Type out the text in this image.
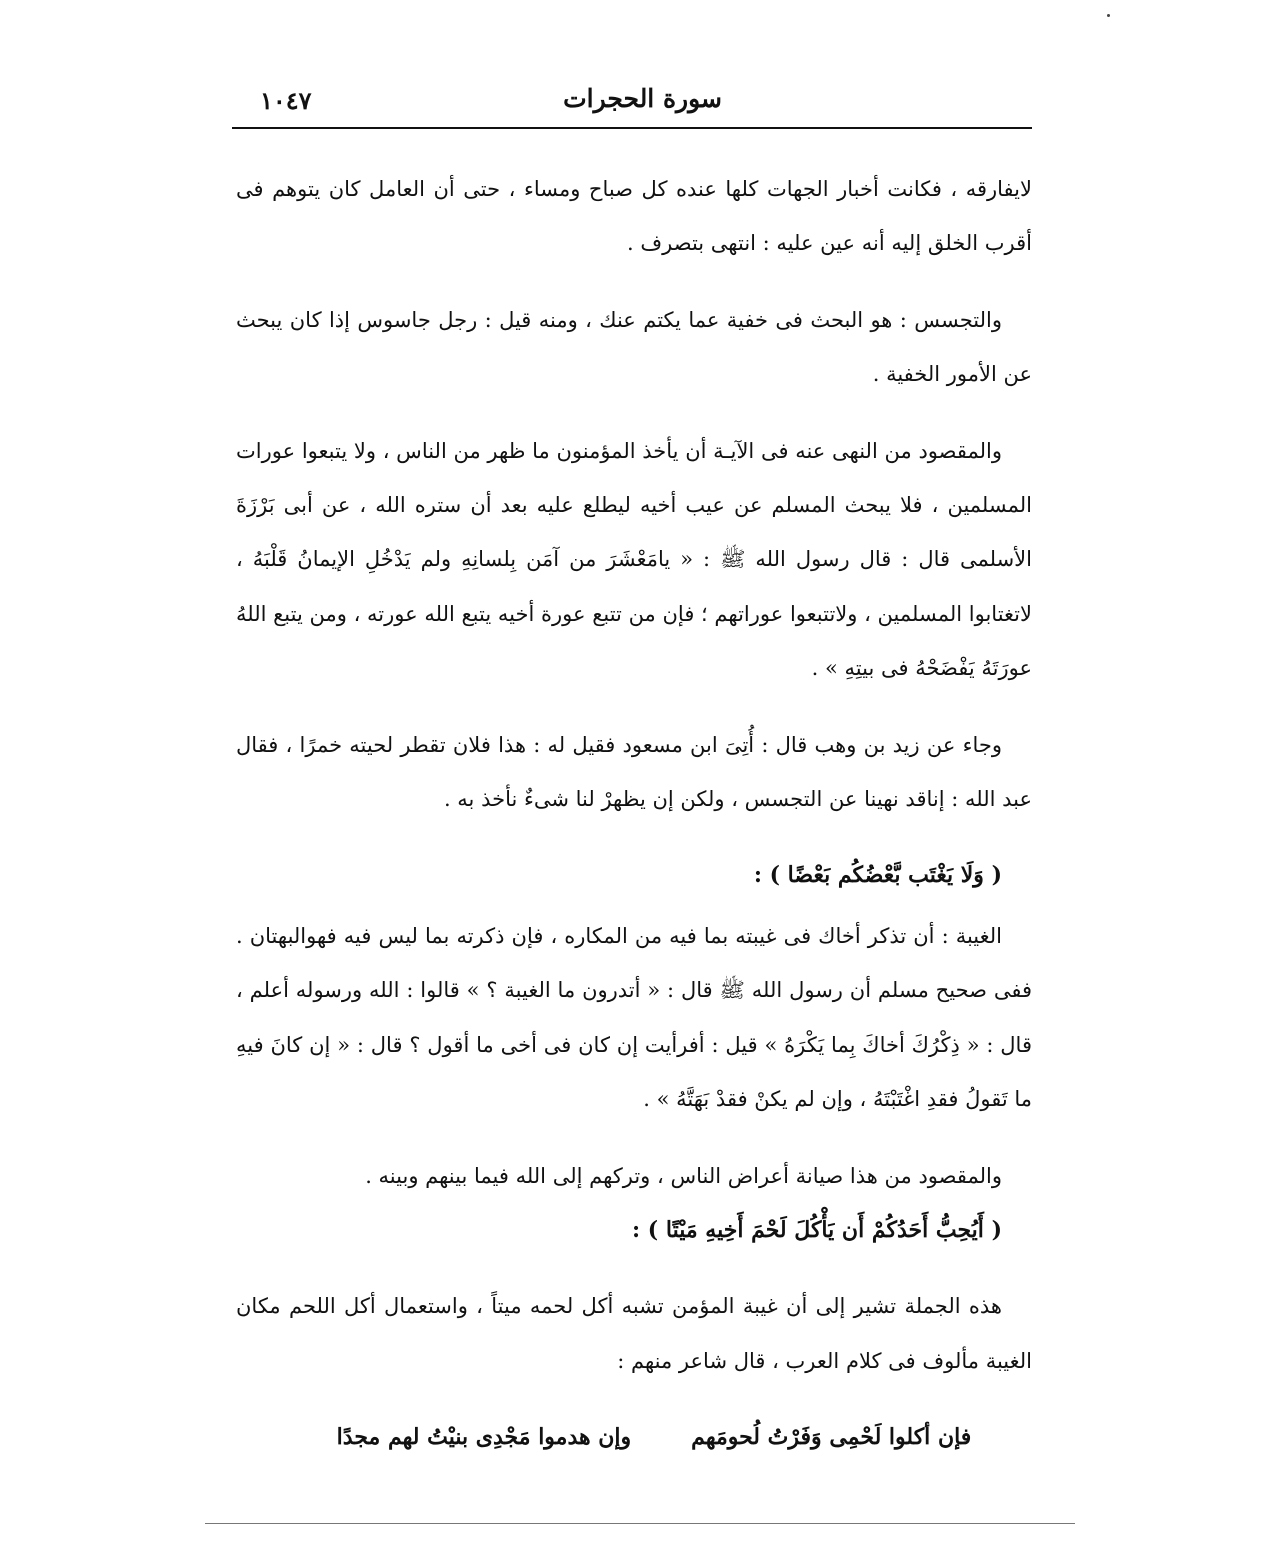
سورة الحجرات
١٠٤٧

لايفارقه ، فكانت أخبار الجهات كلها عنده كل صباح ومساء ، حتى أن العامل كان يتوهم فى أقرب الخلق إليه أنه عين عليه : انتهى بتصرف .

والتجسس : هو البحث فى خفية عما يكتم عنك ، ومنه قيل : رجل جاسوس إذا كان يبحث عن الأمور الخفية .

والمقصود من النهى عنه فى الآيـة أن يأخذ المؤمنون ما ظهر من الناس ، ولا يتبعوا عورات المسلمين ، فلا يبحث المسلم عن عيب أخيه ليطلع عليه بعد أن ستره الله ، عن أبى بَرْزَةَ الأسلمى قال : قال رسول الله ﷺ : « يامَعْشَرَ من آمَن بِلسانِهِ ولم يَدْخُلِ الإيمانُ قَلْبَهُ ، لاتغتابوا المسلمين ، ولاتتبعوا عوراتهم ؛ فإن من تتبع عورة أخيه يتبع الله عورته ، ومن يتبع اللهُ عورَتَهُ يَفْضَحْهُ فى بيتِهِ » .

وجاء عن زيد بن وهب قال : أُتِىَ ابن مسعود فقيل له : هذا فلان تقطر لحيته خمرًا ، فقال عبد الله : إناقد نهينا عن التجسس ، ولكن إن يظهرْ لنا شىءٌ نأخذ به .

( وَلَا يَغْتَب بَّعْضُكُم بَعْضًا ) :

الغيبة : أن تذكر أخاك فى غيبته بما فيه من المكاره ، فإن ذكرته بما ليس فيه فهوالبهتان . ففى صحيح مسلم أن رسول الله ﷺ قال : « أتدرون ما الغيبة ؟ » قالوا : الله ورسوله أعلم ، قال : « ذِكْرُكَ أخاكَ بِما يَكْرَهُ » قيل : أفرأيت إن كان فى أخى ما أقول ؟ قال : « إن كانَ فيهِ ما تَقولُ فقدِ اغْتَبْتَهُ ، وإن لم يكنْ فقدْ بَهَتَّهُ » .

والمقصود من هذا صيانة أعراض الناس ، وتركهم إلى الله فيما بينهم وبينه .

( أَيُحِبُّ أَحَدُكُمْ أَن يَأْكُلَ لَحْمَ أَخِيهِ مَيْتًا ) :

هذه الجملة تشير إلى أن غيبة المؤمن تشبه أكل لحمه ميتاً ، واستعمال أكل اللحم مكان الغيبة مألوف فى كلام العرب ، قال شاعر منهم :

فإن أكلوا لَحْمِى وَفَرْتُ لُحومَهم
وإن هدموا مَجْدِى بنيْتُ لهم مجدًا
